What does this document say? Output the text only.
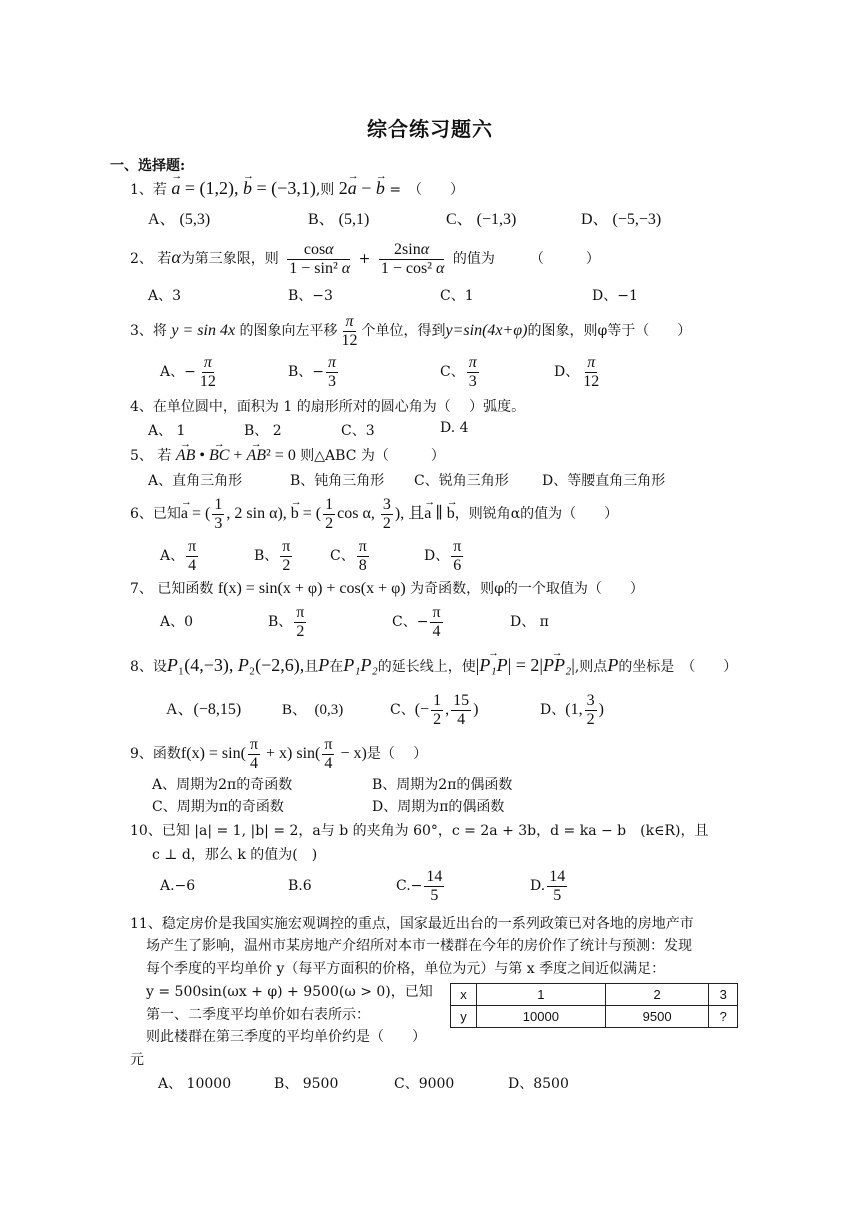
综合练习题六
一、选择题:
1、若 → a = (1,2), → b = (−3,1),则 2→ a − → b =　（　　）
A、 (5,3)	B、 (5,1)	C、 (−1,3)	D、 (−5,−3)
2、 若α为第三象限，则 $\frac{\cos\alpha}{\text{1 − sin² α}} + \frac{2\sin\alpha}{\text{1 − cos² α}}$ 的值为　　　（　　　）
A、3	B、−3	C、1	D、−1
3、将 y = sin 4x 的图象向左平移 $\frac{\pi}{12}$ 个单位，得到y=sin(4x+φ)的图象，则φ等于（　　）
A、− $\frac{\pi}{12}$	B、− $\frac{\pi}{3}$	C、 $\frac{\pi}{3}$	D、 $\frac{\pi}{12}$
4、在单位圆中，面积为 1 的扇形所对的圆心角为（　 ）弧度。
A、 1	B、 2	C、3	D. 4
5、 若 → AB • → BC + → AB² = 0 则△ABC 为（　　　）
A、直角三角形	B、钝角三角形 C、锐角三角形 D、等腰直角三角形
6、已知→ a = ( $\frac{1}{3}$ , 2 sin α), → b = ( $\frac{1}{2}$ cos α, $\frac{3}{2}$ ), 且→ a ∥ → b，则锐角α的值为（　　）
A、 $\frac{\pi}{4}$	B、 $\frac{\pi}{2}$	C、 $\frac{\pi}{8}$	D、 $\frac{\pi}{6}$
7、 已知函数 f(x) = sin(x + φ) + cos(x + φ) 为奇函数，则φ的一个取值为（　　）
A、0	B、 $\frac{\pi}{2}$	C、− $\frac{\pi}{4}$	D、 π
8、设P₁(4,−3), P₂(−2,6),且P在P₁P₂的延长线上，使|→ P₁P| = 2|→ PP₂|,则点P的坐标是　（　　）
A、(−8,15)	B、　(0,3)	C、(− $\frac{1}{2}$ , $\frac{15}{4}$ )	D、(1, $\frac{3}{2}$ )
9、函数$f(x) = \sin( \frac{\pi}{4} + x)$ $\sin( \frac{\pi}{4} - x)$是（　 ）
A、周期为2π的奇函数	B、周期为2π的偶函数
C、周期为π的奇函数	D、周期为π的偶函数
10、已知 |a| = 1, |b| = 2，a与 b 的夹角为 60°，c = 2a + 3b，d = ka − b　(k∈R)，且
c ⊥ d，那么 k 的值为(　)
A.−6	B.6	$C.- \frac{14}{5}$	D. $\frac{14}{5}$
11、稳定房价是我国实施宏观调控的重点，国家最近出台的一系列政策已对各地的房地产市
场产生了影响，温州市某房地产介绍所对本市一楼群在今年的房价作了统计与预测：发现
每个季度的平均单价 y（每平方面积的价格，单位为元）与第 x 季度之间近似满足：
y = 500sin(ωx + φ) + 9500(ω > 0)，已知
第一、二季度平均单价如右表所示：
则此楼群在第三季度的平均单价约是（　　）
元
x	1	2	3
y	10000	9500	?
A、 10000	B、 9500	C、9000	D、8500
